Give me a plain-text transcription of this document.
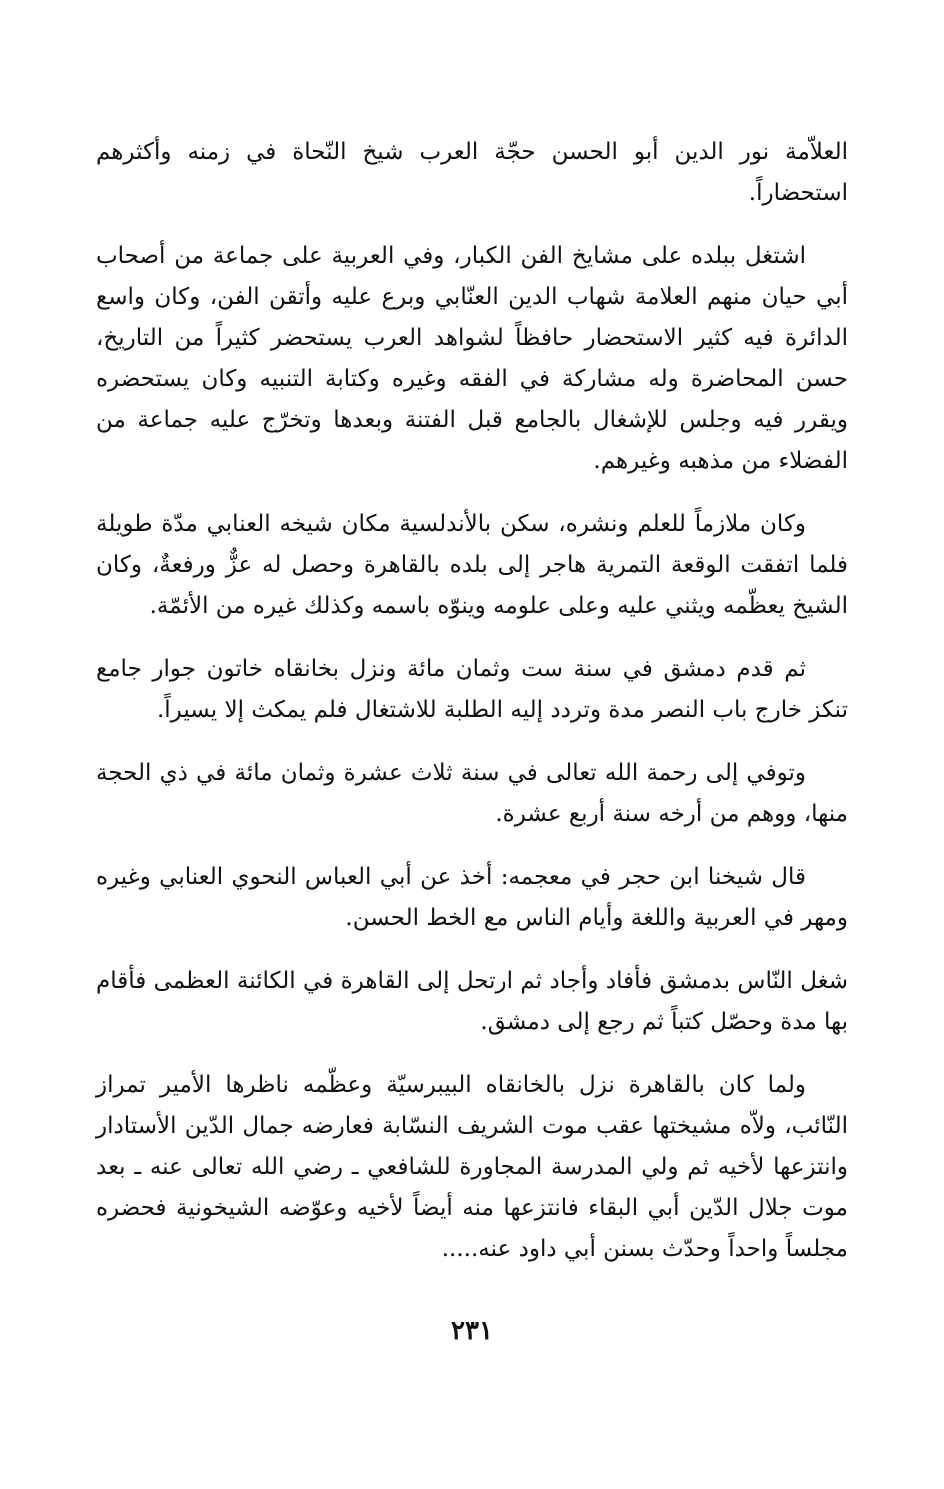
العلاّمة نور الدين أبو الحسن حجّة العرب شيخ النّحاة في زمنه وأكثرهم استحضاراً.

اشتغل ببلده على مشايخ الفن الكبار، وفي العربية على جماعة من أصحاب أبي حيان منهم العلامة شهاب الدين العنّابي وبرع عليه وأتقن الفن، وكان واسع الدائرة فيه كثير الاستحضار حافظاً لشواهد العرب يستحضر كثيراً من التاريخ، حسن المحاضرة وله مشاركة في الفقه وغيره وكتابة التنبيه وكان يستحضره ويقرر فيه وجلس للإشغال بالجامع قبل الفتنة وبعدها وتخرّج عليه جماعة من الفضلاء من مذهبه وغيرهم.

وكان ملازماً للعلم ونشره، سكن بالأندلسية مكان شيخه العنابي مدّة طويلة فلما اتفقت الوقعة التمرية هاجر إلى بلده بالقاهرة وحصل له عزٌّ ورفعةٌ، وكان الشيخ يعظّمه ويثني عليه وعلى علومه وينوّه باسمه وكذلك غيره من الأئمّة.

ثم قدم دمشق في سنة ست وثمان مائة ونزل بخانقاه خاتون جوار جامع تنكز خارج باب النصر مدة وتردد إليه الطلبة للاشتغال فلم يمكث إلا يسيراً.

وتوفي إلى رحمة الله تعالى في سنة ثلاث عشرة وثمان مائة في ذي الحجة منها، ووهم من أرخه سنة أربع عشرة.

قال شيخنا ابن حجر في معجمه: أخذ عن أبي العباس النحوي العنابي وغيره ومهر في العربية واللغة وأيام الناس مع الخط الحسن.

شغل النّاس بدمشق فأفاد وأجاد ثم ارتحل إلى القاهرة في الكائنة العظمى فأقام بها مدة وحصّل كتباً ثم رجع إلى دمشق.

ولما كان بالقاهرة نزل بالخانقاه البيبرسيّة وعظّمه ناظرها الأمير تمراز النّائب، ولاّه مشيختها عقب موت الشريف النسّابة فعارضه جمال الدّين الأستادار وانتزعها لأخيه ثم ولي المدرسة المجاورة للشافعي ـ رضي الله تعالى عنه ـ بعد موت جلال الدّين أبي البقاء فانتزعها منه أيضاً لأخيه وعوّضه الشيخونية فحضره مجلساً واحداً وحدّث بسنن أبي داود عنه.....

٢٣١
